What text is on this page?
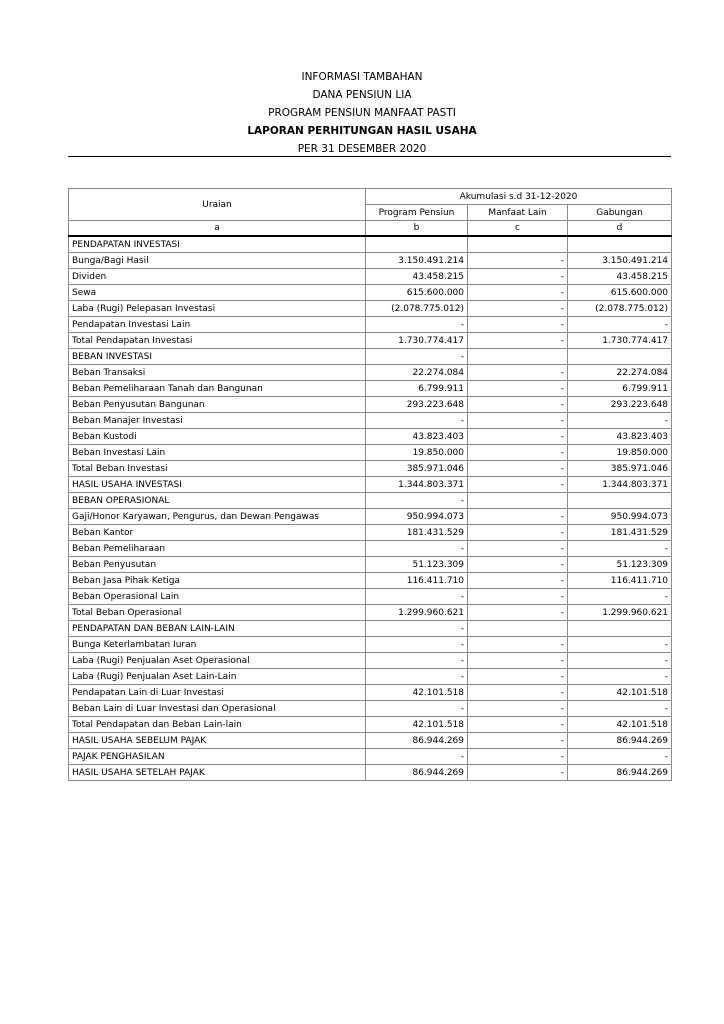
INFORMASI TAMBAHAN
DANA PENSIUN LIA
PROGRAM PENSIUN MANFAAT PASTI
LAPORAN PERHITUNGAN HASIL USAHA
PER 31 DESEMBER 2020
Uraian	Akumulasi s.d 31-12-2020		
	Program Pensiun	Manfaat Lain	Gabungan
a	b	c	d
PENDAPATAN INVESTASI			
Bunga/Bagi Hasil	3.150.491.214	-	3.150.491.214
Dividen	43.458.215	-	43.458.215
Sewa	615.600.000	-	615.600.000
Laba (Rugi) Pelepasan Investasi	(2.078.775.012)	-	(2.078.775.012)
Pendapatan Investasi Lain	-	-	-
Total Pendapatan Investasi	1.730.774.417	-	1.730.774.417
BEBAN INVESTASI	-		
Beban Transaksi	22.274.084	-	22.274.084
Beban Pemeliharaan Tanah dan Bangunan	6.799.911	-	6.799.911
Beban Penyusutan Bangunan	293.223.648	-	293.223.648
Beban Manajer Investasi	-	-	-
Beban Kustodi	43.823.403	-	43.823.403
Beban Investasi Lain	19.850.000	-	19.850.000
Total Beban Investasi	385.971.046	-	385.971.046
HASIL USAHA INVESTASI	1.344.803.371	-	1.344.803.371
BEBAN OPERASIONAL	-		
Gaji/Honor Karyawan, Pengurus, dan Dewan Pengawas	950.994.073	-	950.994.073
Beban Kantor	181.431.529	-	181.431.529
Beban Pemeliharaan	-	-	-
Beban Penyusutan	51.123.309	-	51.123.309
Beban Jasa Pihak Ketiga	116.411.710	-	116.411.710
Beban Operasional Lain	-	-	-
Total Beban Operasional	1.299.960.621	-	1.299.960.621
PENDAPATAN DAN BEBAN LAIN-LAIN	-		
Bunga Keterlambatan Iuran	-	-	-
Laba (Rugi) Penjualan Aset Operasional	-	-	-
Laba (Rugi) Penjualan Aset Lain-Lain	-	-	-
Pendapatan Lain di Luar Investasi	42.101.518	-	42.101.518
Beban Lain di Luar Investasi dan Operasional	-	-	-
Total Pendapatan dan Beban Lain-lain	42.101.518	-	42.101.518
HASIL USAHA SEBELUM PAJAK	86.944.269	-	86.944.269
PAJAK PENGHASILAN	-	-	-
HASIL USAHA SETELAH PAJAK	86.944.269	-	86.944.269
